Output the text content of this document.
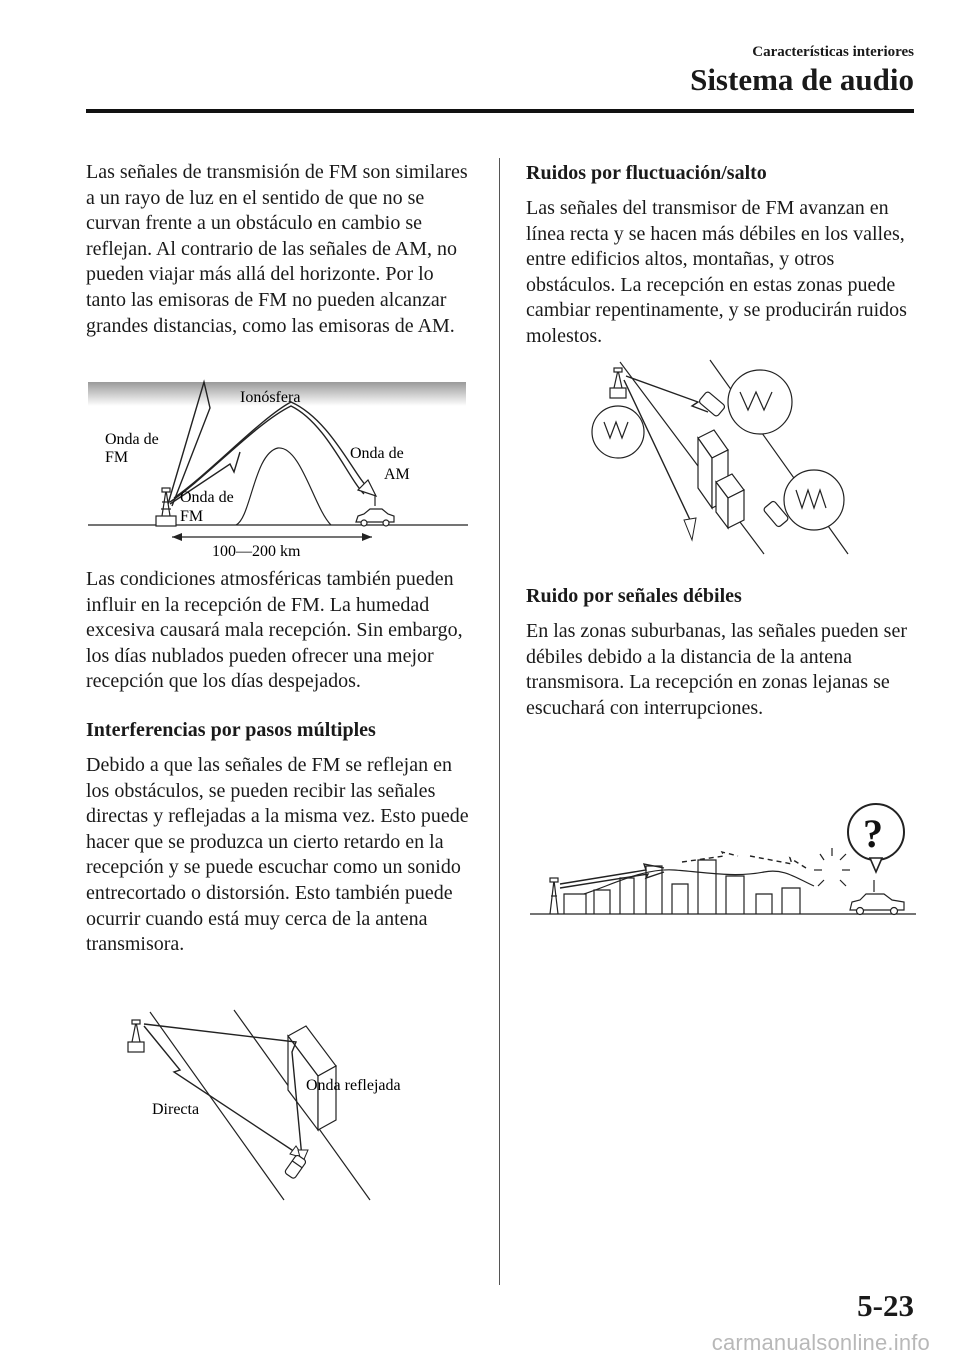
Características interiores
Sistema de audio

Las señales de transmisión de FM son similares a un rayo de luz en el sentido de que no se curvan frente a un obstáculo en cambio se reflejan. Al contrario de las señales de AM, no pueden viajar más allá del horizonte. Por lo tanto las emisoras de FM no pueden alcanzar grandes distancias, como las emisoras de AM.

Ionósfera
Onda de
FM	Onda de
AM
Onda de
FM
100—200 km

Las condiciones atmosféricas también pueden influir en la recepción de FM. La humedad excesiva causará mala recepción. Sin embargo, los días nublados pueden ofrecer una mejor recepción que los días despejados.

Interferencias por pasos múltiples

Debido a que las señales de FM se reflejan en los obstáculos, se pueden recibir las señales directas y reflejadas a la misma vez. Esto puede hacer que se produzca un cierto retardo en la recepción y se puede escuchar como un sonido entrecortado o distorsión. Esto también puede ocurrir cuando está muy cerca de la antena transmisora.

Onda reflejada
Directa
Ruidos por fluctuación/salto

Las señales del transmisor de FM avanzan en línea recta y se hacen más débiles en los valles, entre edificios altos, montañas, y otros obstáculos. La recepción en estas zonas puede cambiar repentinamente, y se producirán ruidos molestos.

Ruido por señales débiles

En las zonas suburbanas, las señales pueden ser débiles debido a la distancia de la antena transmisora. La recepción en zonas lejanas se escuchará con interrupciones.

?
5-23
carmanualsonline.info
